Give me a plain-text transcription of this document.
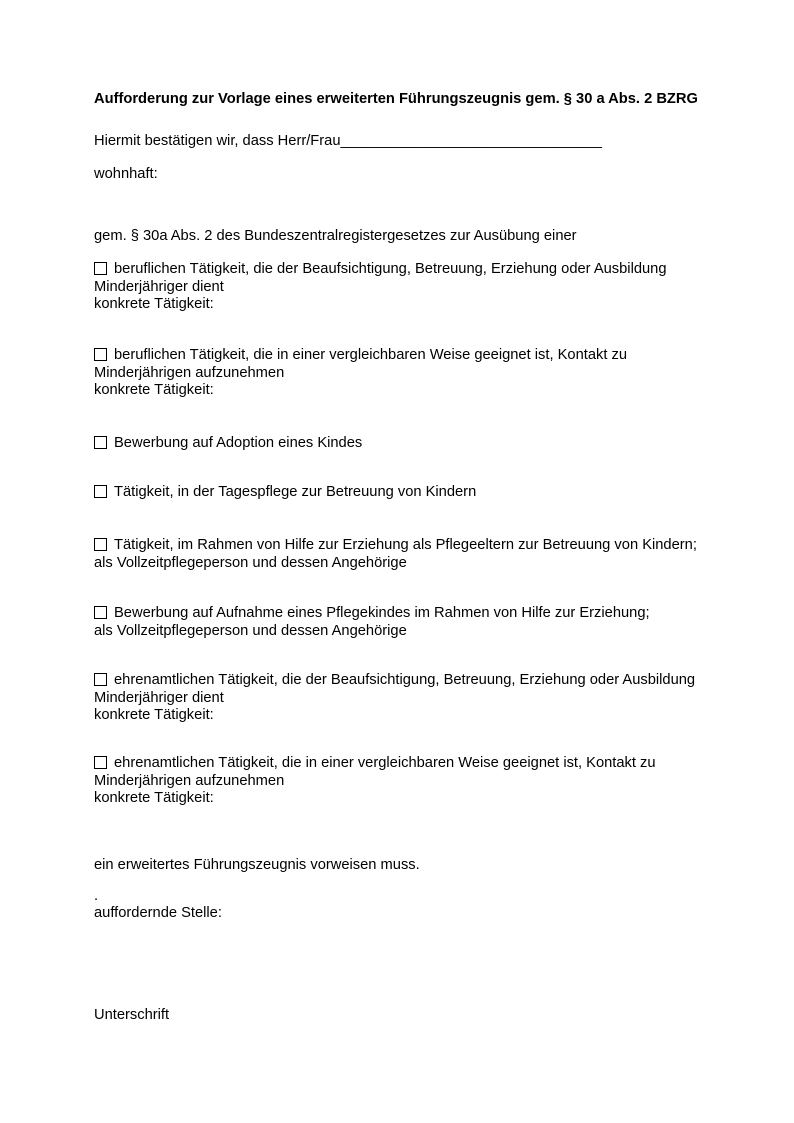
Aufforderung zur Vorlage eines erweiterten Führungszeugnis gem. § 30 a Abs. 2 BZRG
Hiermit bestätigen wir, dass Herr/Frau________________________________
wohnhaft:
gem. § 30a Abs. 2 des Bundeszentralregistergesetzes zur Ausübung einer
beruflichen Tätigkeit, die der Beaufsichtigung, Betreuung, Erziehung oder Ausbildung
Minderjähriger dient
konkrete Tätigkeit:
beruflichen Tätigkeit, die in einer vergleichbaren Weise geeignet ist, Kontakt zu
Minderjährigen aufzunehmen
konkrete Tätigkeit:
Bewerbung auf Adoption eines Kindes
Tätigkeit, in der Tagespflege zur Betreuung von Kindern
Tätigkeit, im Rahmen von Hilfe zur Erziehung als Pflegeeltern zur Betreuung von Kindern;
als Vollzeitpflegeperson und dessen Angehörige
Bewerbung auf Aufnahme eines Pflegekindes im Rahmen von Hilfe zur Erziehung;
als Vollzeitpflegeperson und dessen Angehörige
ehrenamtlichen Tätigkeit, die der Beaufsichtigung, Betreuung, Erziehung oder Ausbildung
Minderjähriger dient
konkrete Tätigkeit:
ehrenamtlichen Tätigkeit, die in einer vergleichbaren Weise geeignet ist, Kontakt zu
Minderjährigen aufzunehmen
konkrete Tätigkeit:
ein erweitertes Führungszeugnis vorweisen muss.
.
auffordernde Stelle:
Unterschrift
